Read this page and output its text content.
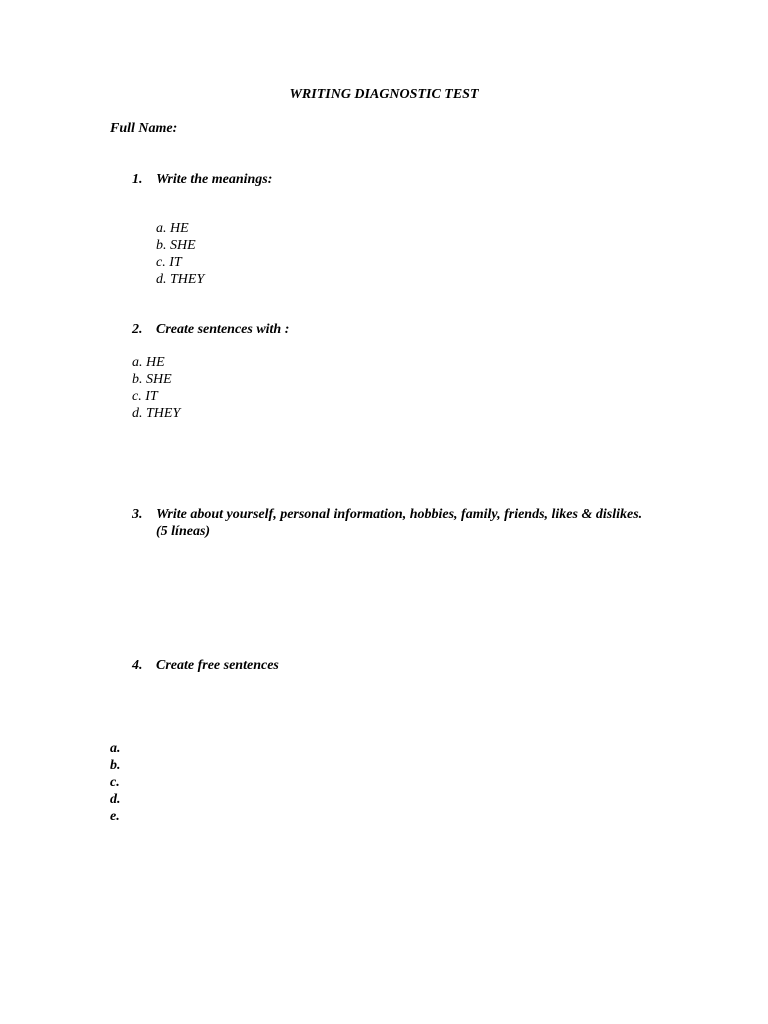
WRITING DIAGNOSTIC TEST
Full Name:
1. Write the meanings:
a. HE
b. SHE
c. IT
d. THEY
2. Create sentences with :
a. HE
b. SHE
c. IT
d. THEY
3. Write about yourself, personal information, hobbies, family, friends, likes & dislikes.
(5 líneas)
4. Create free sentences
a.
b.
c.
d.
e.
